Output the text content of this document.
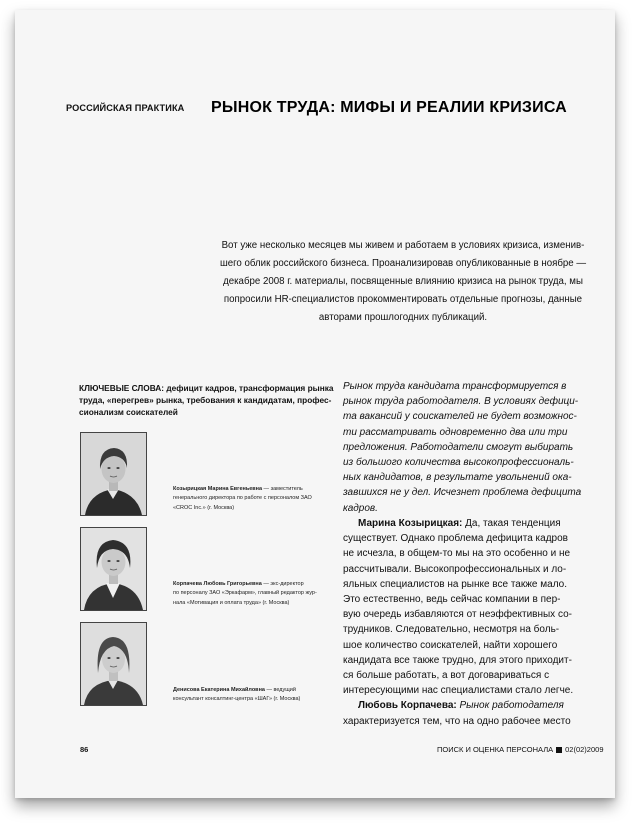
РОССИЙСКАЯ ПРАКТИКА РЫНОК ТРУДА: МИФЫ И РЕАЛИИ КРИЗИСА
Вот уже несколько месяцев мы живем и работаем в условиях кризиса, изменив-
шего облик российского бизнеса. Проанализировав опубликованные в ноябре —
декабре 2008 г. материалы, посвященные влиянию кризиса на рынок труда, мы
попросили HR-специалистов прокомментировать отдельные прогнозы, данные
авторами прошлогодних публикаций.
КЛЮЧЕВЫЕ СЛОВА: дефицит кадров, трансформация рынка
труда, «перегрев» рынка, требования к кандидатам, профес-
сионализм соискателей
Козырицкая Марина Евгеньевна — заместитель
генерального директора по работе с персоналом ЗАО
«CROC Inc.» (г. Москва)
Корпачева Любовь Григорьевна — экс-директор
по персоналу ЗАО «Эркафарм», главный редактор жур-
нала «Мотивация и оплата труда» (г. Москва)
Денисова Екатерина Михайловна — ведущий
консультант консалтинг-центра «ШАГ» (г. Москва)
Рынок труда кандидата трансформируется в
рынок труда работодателя. В условиях дефици-
та вакансий у соискателей не будет возможнос-
ти рассматривать одновременно два или три
предложения. Работодатели смогут выбирать
из большого количества высокопрофессиональ-
ных кандидатов, в результате увольнений ока-
завшихся не у дел. Исчезнет проблема дефицита
кадров.
Марина Козырицкая: Да, такая тенденция
существует. Однако проблема дефицита кадров
не исчезла, в общем-то мы на это особенно и не
рассчитывали. Высокопрофессиональных и ло-
яльных специалистов на рынке все также мало.
Это естественно, ведь сейчас компании в пер-
вую очередь избавляются от неэффективных со-
трудников. Следовательно, несмотря на боль-
шое количество соискателей, найти хорошего
кандидата все также трудно, для этого приходит-
ся больше работать, а вот договариваться с
интересующими нас специалистами стало легче.
Любовь Корпачева: Рынок работодателя
характеризуется тем, что на одно рабочее место
86	ПОИСК И ОЦЕНКА ПЕРСОНАЛА 02(02)2009
